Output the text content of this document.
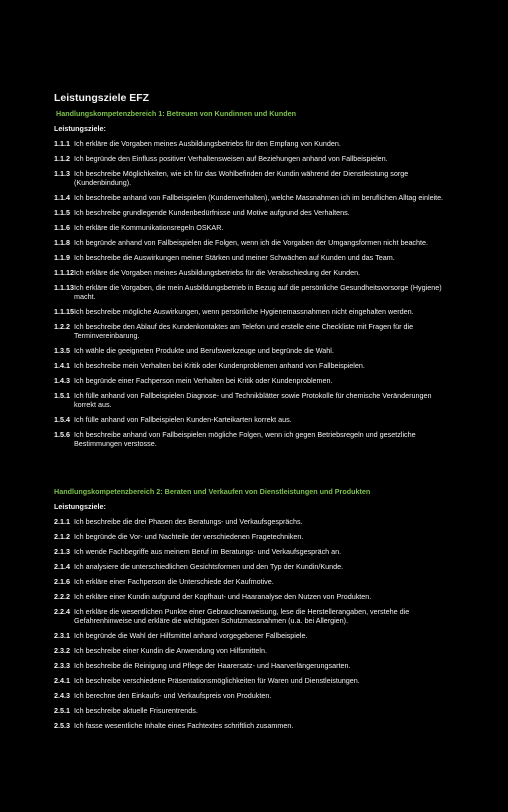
Leistungsziele EFZ
Handlungskompetenzbereich 1: Betreuen von Kundinnen und Kunden
Leistungsziele:
1.1.1 Ich erkläre die Vorgaben meines Ausbildungsbetriebs für den Empfang von Kunden.
1.1.2 Ich begründe den Einfluss positiver Verhaltensweisen auf Beziehungen anhand von Fallbeispielen.
1.1.3 Ich beschreibe Möglichkeiten, wie ich für das Wohlbefinden der Kundin während der Dienstleistung sorge (Kundenbindung).
1.1.4 Ich beschreibe anhand von Fallbeispielen (Kundenverhalten), welche Massnahmen ich im beruflichen Alltag einleite.
1.1.5 Ich beschreibe grundlegende Kundenbedürfnisse und Motive aufgrund des Verhaltens.
1.1.6 Ich erkläre die Kommunikationsregeln OSKAR.
1.1.8 Ich begründe anhand von Fallbeispielen die Folgen, wenn ich die Vorgaben der Umgangsformen nicht beachte.
1.1.9 Ich beschreibe die Auswirkungen meiner Stärken und meiner Schwächen auf Kunden und das Team.
1.1.12 Ich erkläre die Vorgaben meines Ausbildungsbetriebs für die Verabschiedung der Kunden.
1.1.13 Ich erkläre die Vorgaben, die mein Ausbildungsbetrieb in Bezug auf die persönliche Gesundheitsvorsorge (Hygiene) macht.
1.1.15 Ich beschreibe mögliche Auswirkungen, wenn persönliche Hygienemassnahmen nicht eingehalten werden.
1.2.2 Ich beschreibe den Ablauf des Kundenkontaktes am Telefon und erstelle eine Checkliste mit Fragen für die Terminvereinbarung.
1.3.5 Ich wähle die geeigneten Produkte und Berufswerkzeuge und begründe die Wahl.
1.4.1 Ich beschreibe mein Verhalten bei Kritik oder Kundenproblemen anhand von Fallbeispielen.
1.4.3 Ich begründe einer Fachperson mein Verhalten bei Kritik oder Kundenproblemen.
1.5.1 Ich fülle anhand von Fallbeispielen Diagnose- und Technikblätter sowie Protokolle für chemische Veränderungen korrekt aus.
1.5.4 Ich fülle anhand von Fallbeispielen Kunden-Karteikarten korrekt aus.
1.5.6 Ich beschreibe anhand von Fallbeispielen mögliche Folgen, wenn ich gegen Betriebsregeln und gesetzliche Bestimmungen verstosse.
Handlungskompetenzbereich 2: Beraten und Verkaufen von Dienstleistungen und Produkten
Leistungsziele:
2.1.1 Ich beschreibe die drei Phasen des Beratungs- und Verkaufsgesprächs.
2.1.2 Ich begründe die Vor- und Nachteile der verschiedenen Fragetechniken.
2.1.3 Ich wende Fachbegriffe aus meinem Beruf im Beratungs- und Verkaufsgespräch an.
2.1.4 Ich analysiere die unterschiedlichen Gesichtsformen und den Typ der Kundin/Kunde.
2.1.6 Ich erkläre einer Fachperson die Unterschiede der Kaufmotive.
2.2.2 Ich erkläre einer Kundin aufgrund der Kopfhaut- und Haaranalyse den Nutzen von Produkten.
2.2.4 Ich erkläre die wesentlichen Punkte einer Gebrauchsanweisung, lese die Herstellerangaben, verstehe die Gefahrenhinweise und erkläre die wichtigsten Schutzmassnahmen (u.a. bei Allergien).
2.3.1 Ich begründe die Wahl der Hilfsmittel anhand vorgegebener Fallbeispiele.
2.3.2 Ich beschreibe einer Kundin die Anwendung von Hilfsmitteln.
2.3.3 Ich beschreibe die Reinigung und Pflege der Haarersatz- und Haarverlängerungsarten.
2.4.1 Ich beschreibe verschiedene Präsentationsmöglichkeiten für Waren und Dienstleistungen.
2.4.3 Ich berechne den Einkaufs- und Verkaufspreis von Produkten.
2.5.1 Ich beschreibe aktuelle Frisurentrends.
2.5.3 Ich fasse wesentliche Inhalte eines Fachtextes schriftlich zusammen.
